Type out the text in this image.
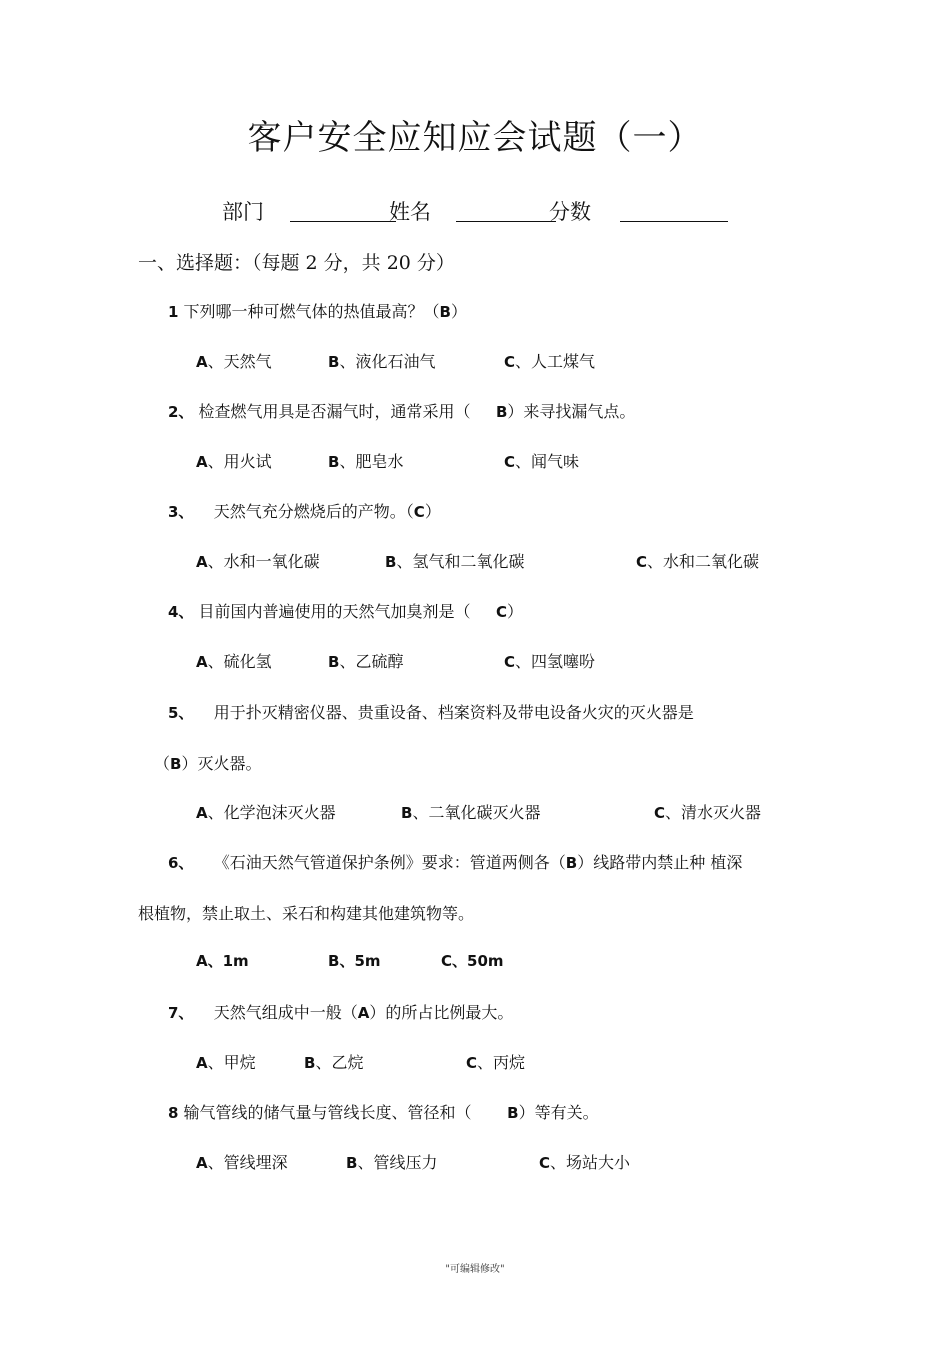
客户安全应知应会试题（一）
部门	姓名	分数
一、选择题：（每题 2 分，共 20 分）
1 下列哪一种可燃气体的热值最高？（B）
A、天然气	B、液化石油气	C、人工煤气
2、 检查燃气用具是否漏气时，通常采用（ B）来寻找漏气点。
A、用火试	B、肥皂水	C、闻气味
3、 天然气充分燃烧后的产物。（C）
A、水和一氧化碳	B、氢气和二氧化碳	C、水和二氧化碳
4、 目前国内普遍使用的天然气加臭剂是（ C）
A、硫化氢	B、乙硫醇	C、四氢噻吩
5、 用于扑灭精密仪器、贵重设备、档案资料及带电设备火灾的灭火器是
（B）灭火器。
A、化学泡沫灭火器	B、二氧化碳灭火器	C、清水灭火器
6、 《石油天然气管道保护条例》要求：管道两侧各（B）线路带内禁止种 植深
根植物，禁止取土、采石和构建其他建筑物等。
A、1m	B、5m	C、50m
7、 天然气组成中一般（A）的所占比例最大。
A、甲烷	B、乙烷	C、丙烷
8 输气管线的储气量与管线长度、管径和（ B）等有关。
A、管线埋深	B、管线压力	C、场站大小
"可编辑修改"
